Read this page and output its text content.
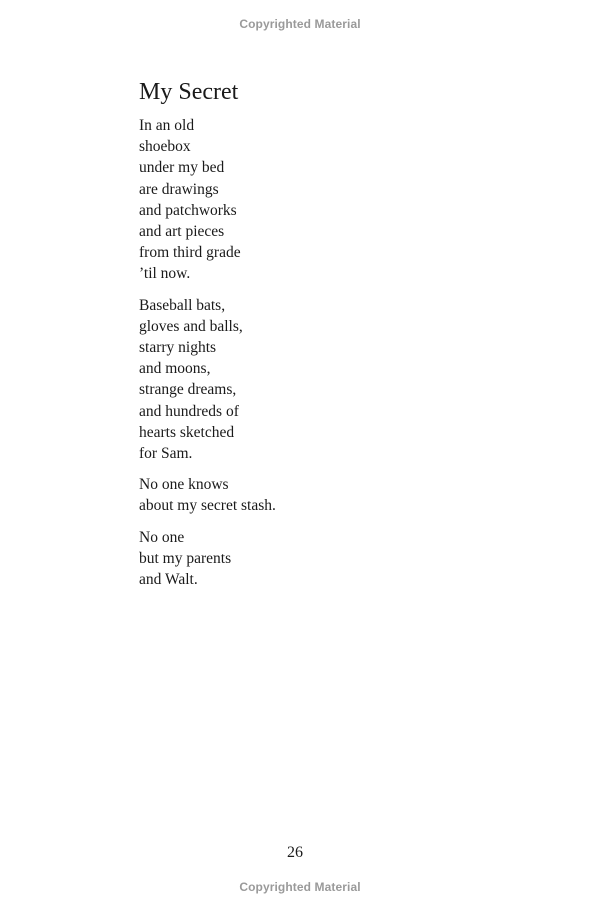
Copyrighted Material
My Secret
In an old
shoebox
under my bed
are drawings
and patchworks
and art pieces
from third grade
’til now.
Baseball bats,
gloves and balls,
starry nights
and moons,
strange dreams,
and hundreds of
hearts sketched
for Sam.
No one knows
about my secret stash.
No one
but my parents
and Walt.
26
Copyrighted Material
